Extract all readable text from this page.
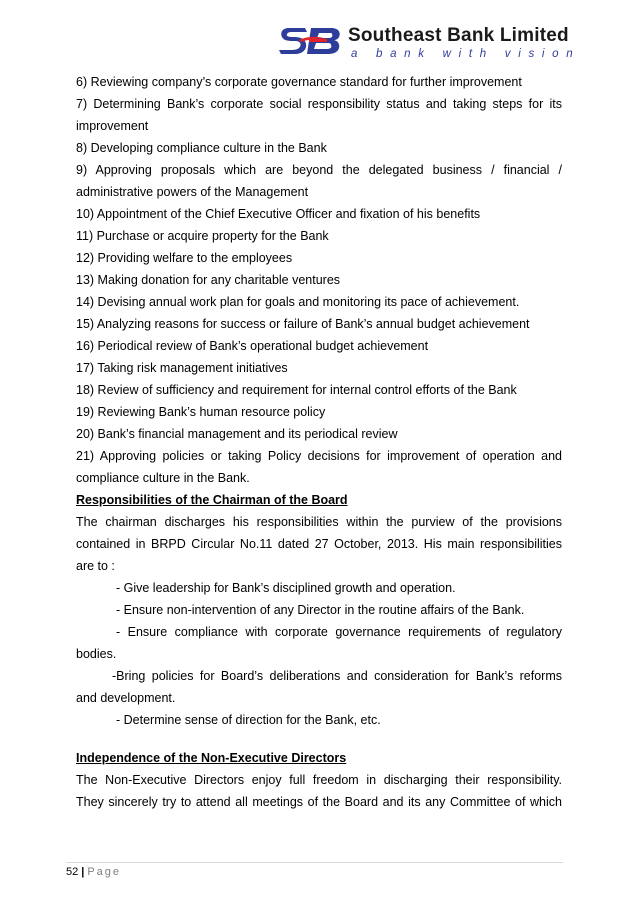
Southeast Bank Limited
a bank with vision
6) Reviewing company’s corporate governance standard for further improvement
7) Determining Bank’s corporate social responsibility status and taking steps for its
improvement
8) Developing compliance culture in the Bank
9) Approving proposals which are beyond the delegated business / financial /
administrative powers of the Management
10) Appointment of the Chief Executive Officer and fixation of his benefits
11) Purchase or acquire property for the Bank
12) Providing welfare to the employees
13) Making donation for any charitable ventures
14) Devising annual work plan for goals and monitoring its pace of achievement.
15) Analyzing reasons for success or failure of Bank’s annual budget achievement
16) Periodical review of Bank’s operational budget achievement
17) Taking risk management initiatives
18) Review of sufficiency and requirement for internal control efforts of the Bank
19) Reviewing Bank’s human resource policy
20) Bank’s financial management and its periodical review
21) Approving policies or taking Policy decisions for improvement of operation and
compliance culture in the Bank.
Responsibilities of the Chairman of the Board
The chairman discharges his responsibilities within the purview of the provisions
contained in BRPD Circular No.11 dated 27 October, 2013. His main responsibilities
are to :
- Give leadership for Bank’s disciplined growth and operation.
- Ensure non-intervention of any Director in the routine affairs of the Bank.
- Ensure compliance with corporate governance requirements of regulatory
bodies.
-Bring policies for Board’s deliberations and consideration for Bank’s reforms
and development.
- Determine sense of direction for the Bank, etc.
Independence of the Non-Executive Directors
The Non-Executive Directors enjoy full freedom in discharging their responsibility.
They sincerely try to attend all meetings of the Board and its any Committee of which
52 | Page
